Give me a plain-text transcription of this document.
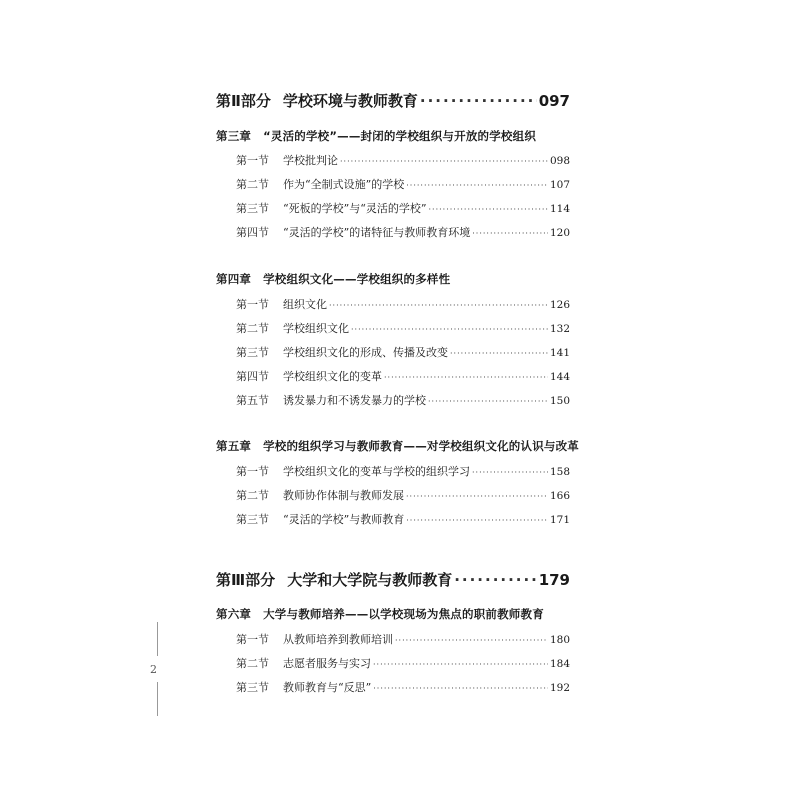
第Ⅱ部分 学校环境与教师教育 ·····	097
第三章 “灵活的学校”——封闭的学校组织与开放的学校组织
第一节	学校批判论 ·····	098
第二节	作为“全制式设施”的学校 ·····	107
第三节	“死板的学校”与“灵活的学校” ·····	114
第四节	“灵活的学校”的诸特征与教师教育环境 ·····	120
第四章 学校组织文化——学校组织的多样性
第一节	组织文化 ·····	126
第二节	学校组织文化 ·····	132
第三节	学校组织文化的形成、传播及改变 ·····	141
第四节	学校组织文化的变革 ·····	144
第五节	诱发暴力和不诱发暴力的学校 ·····	150
第五章 学校的组织学习与教师教育——对学校组织文化的认识与改革
第一节	学校组织文化的变革与学校的组织学习 ·····	158
第二节	教师协作体制与教师发展 ·····	166
第三节	“灵活的学校”与教师教育 ·····	171
第Ⅲ部分 大学和大学院与教师教育 ·····	179
第六章 大学与教师培养——以学校现场为焦点的职前教师教育
第一节	从教师培养到教师培训 ·····	180
第二节	志愿者服务与实习 ·····	184
第三节	教师教育与“反思” ·····	192
2
